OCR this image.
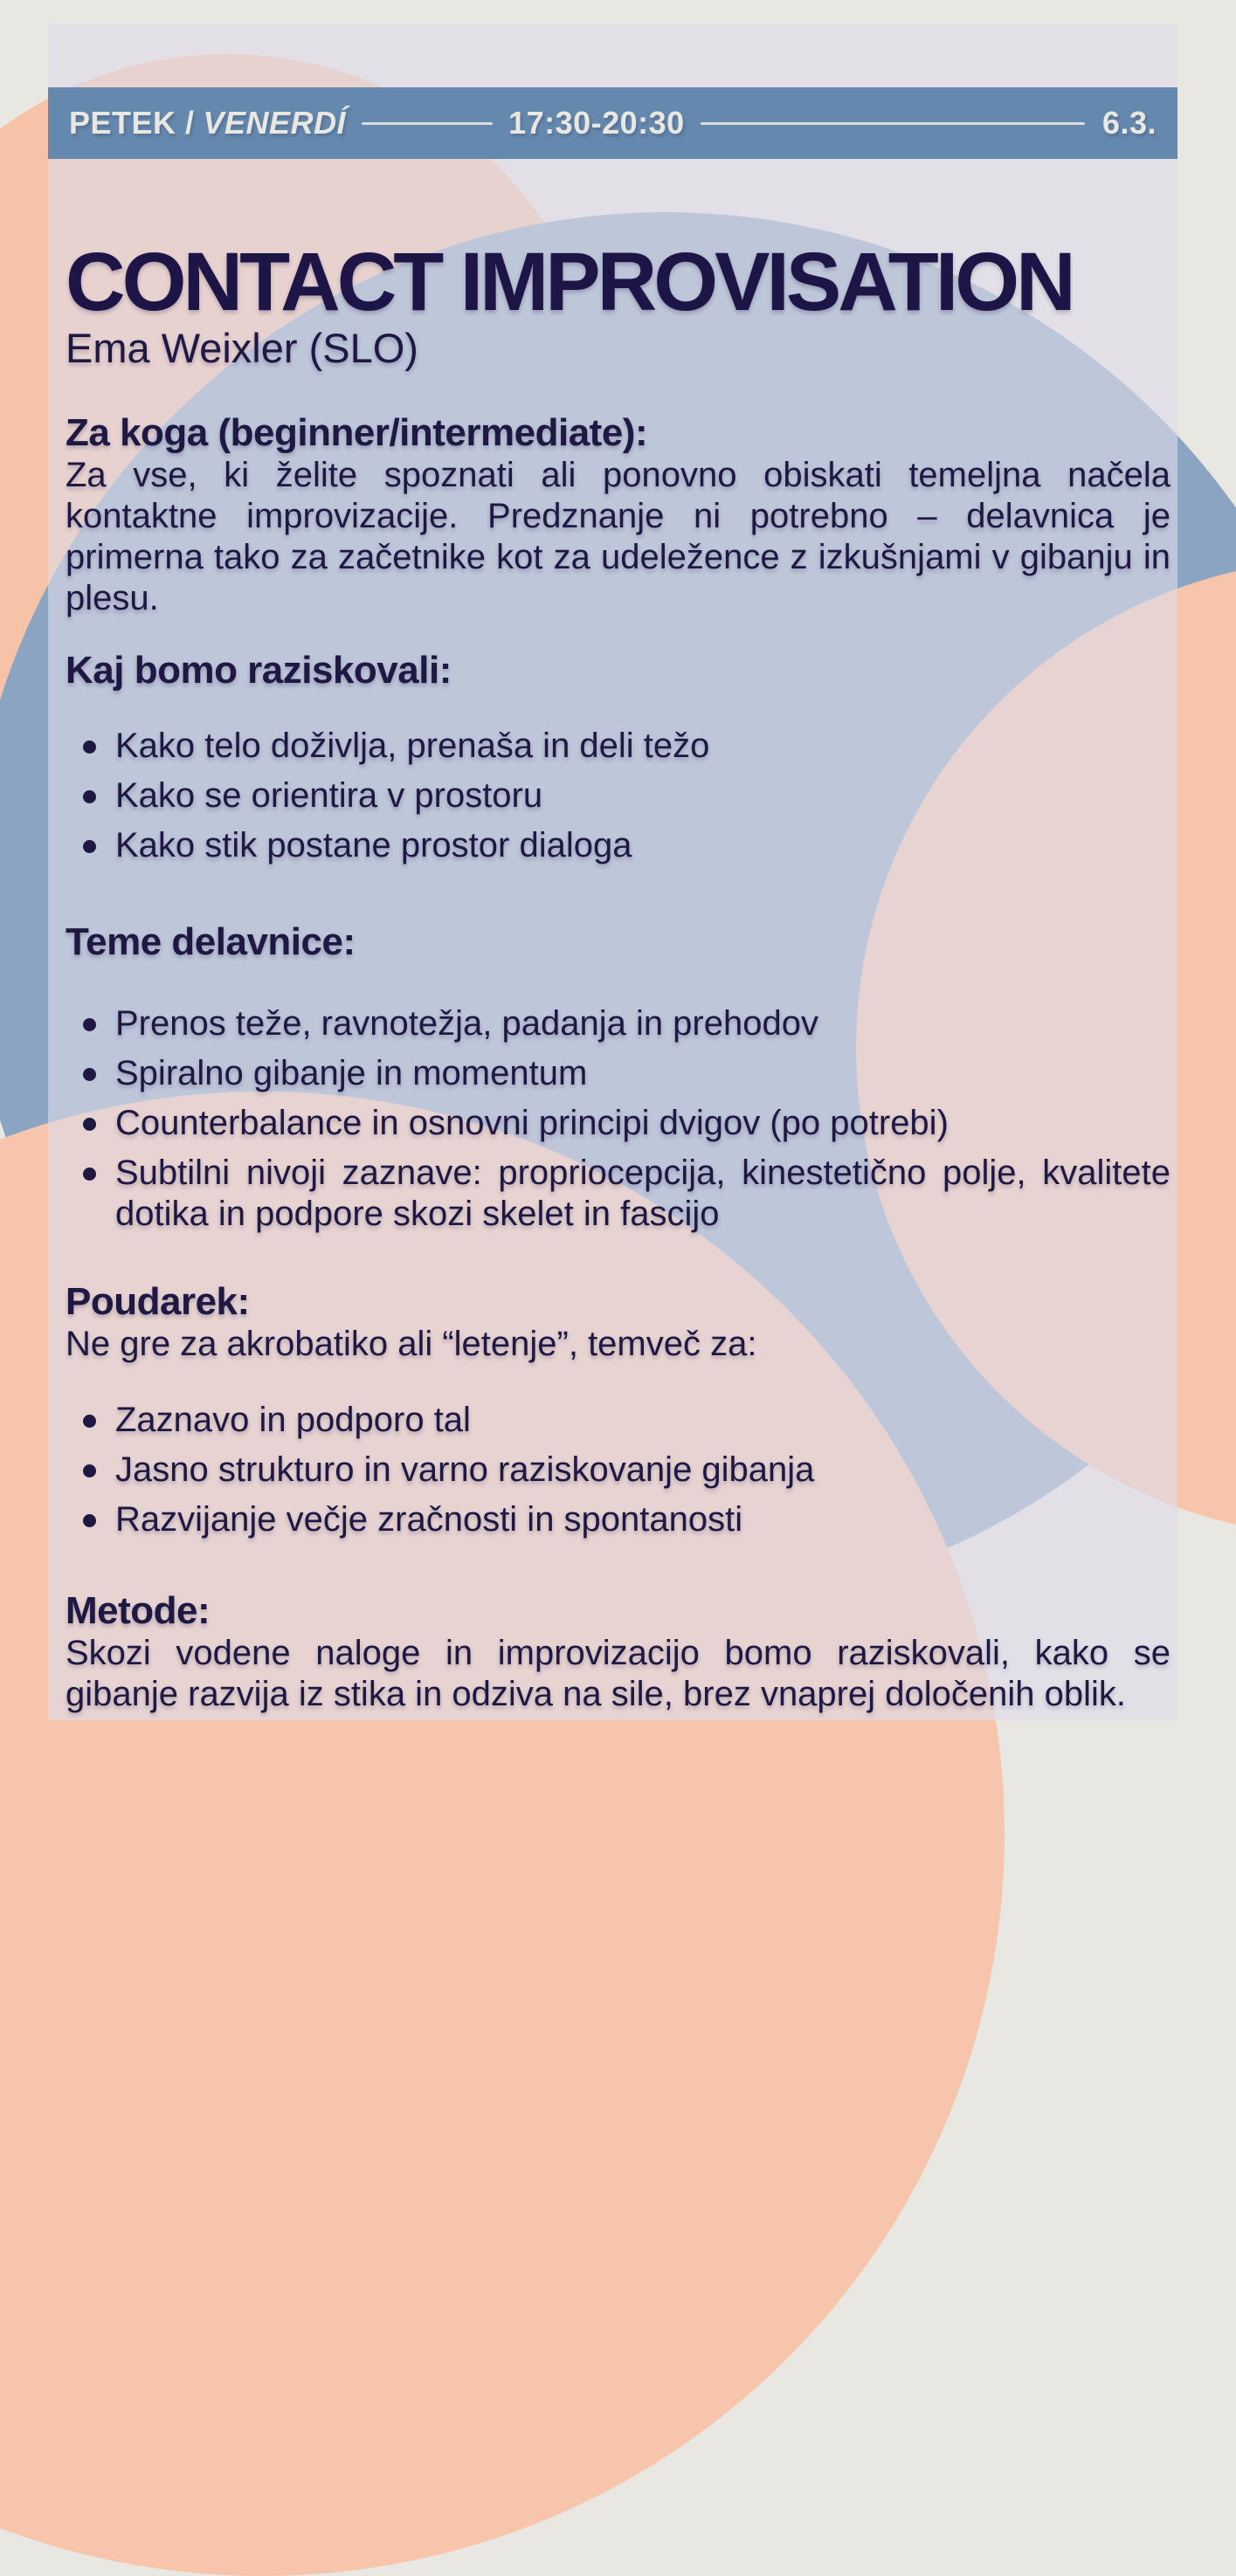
PETEK / VENERDÍ	17:30-20:30	6.3.
CONTACT IMPROVISATION

Ema Weixler (SLO)

Za koga (beginner/intermediate):

Za vse, ki želite spoznati ali ponovno obiskati temeljna načela kontaktne improvizacije. Predznanje ni potrebno – delavnica je primerna tako za začetnike kot za udeležence z izkušnjami v gibanju in plesu.

Kaj bomo raziskovali:

Kako telo doživlja, prenaša in deli težo
Kako se orientira v prostoru
Kako stik postane prostor dialoga

Teme delavnice:

Prenos teže, ravnotežja, padanja in prehodov
Spiralno gibanje in momentum
Counterbalance in osnovni principi dvigov (po potrebi)
Subtilni nivoji zaznave: propriocepcija, kinestetično polje, kvalitete dotika in podpore skozi skelet in fascijo

Poudarek:

Ne gre za akrobatiko ali “letenje”, temveč za:

Zaznavo in podporo tal
Jasno strukturo in varno raziskovanje gibanja
Razvijanje večje zračnosti in spontanosti

Metode:

Skozi vodene naloge in improvizacijo bomo raziskovali, kako se gibanje razvija iz stika in odziva na sile, brez vnaprej določenih oblik.
